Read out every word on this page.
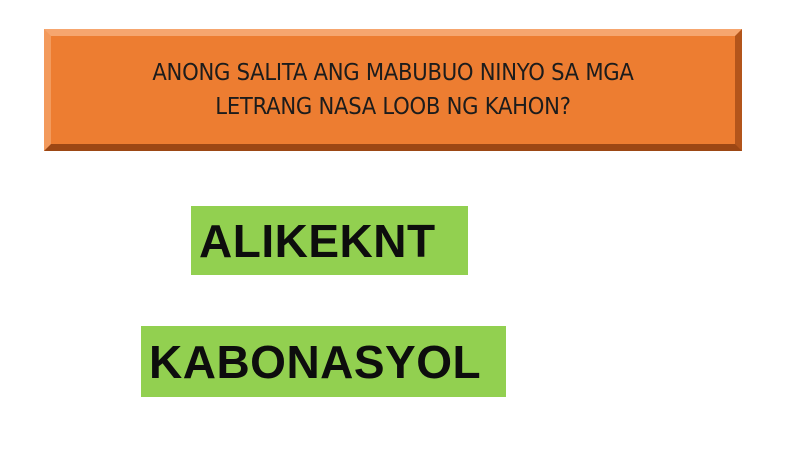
ANONG SALITA ANG MABUBUO NINYO SA MGA
LETRANG NASA LOOB NG KAHON?
ALIKEKNT
KABONASYOL
